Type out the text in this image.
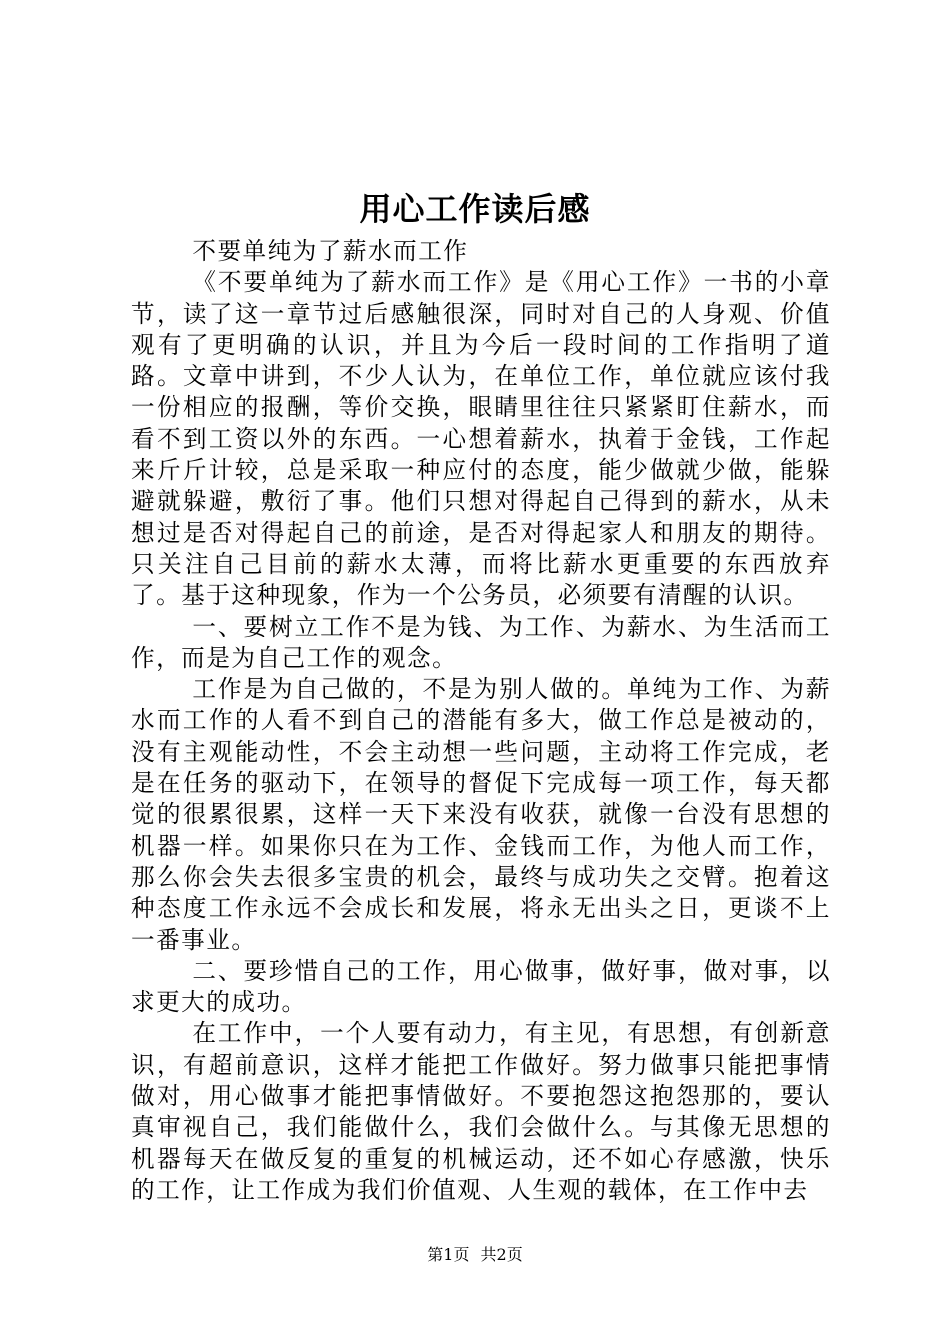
用心工作读后感

不要单纯为了薪水而工作

《不要单纯为了薪水而工作》是《用心工作》一书的小章节，读了这一章节过后感触很深，同时对自己的人身观、价值观有了更明确的认识，并且为今后一段时间的工作指明了道路。文章中讲到，不少人认为，在单位工作，单位就应该付我一份相应的报酬，等价交换，眼睛里往往只紧紧盯住薪水，而看不到工资以外的东西。一心想着薪水，执着于金钱，工作起来斤斤计较，总是采取一种应付的态度，能少做就少做，能躲避就躲避，敷衍了事。他们只想对得起自己得到的薪水，从未想过是否对得起自己的前途，是否对得起家人和朋友的期待。只关注自己目前的薪水太薄，而将比薪水更重要的东西放弃了。基于这种现象，作为一个公务员，必须要有清醒的认识。

一、要树立工作不是为钱、为工作、为薪水、为生活而工作，而是为自己工作的观念。

工作是为自己做的，不是为别人做的。单纯为工作、为薪水而工作的人看不到自己的潜能有多大，做工作总是被动的，没有主观能动性，不会主动想一些问题，主动将工作完成，老是在任务的驱动下，在领导的督促下完成每一项工作，每天都觉的很累很累，这样一天下来没有收获，就像一台没有思想的机器一样。如果你只在为工作、金钱而工作，为他人而工作，那么你会失去很多宝贵的机会，最终与成功失之交臂。抱着这种态度工作永远不会成长和发展，将永无出头之日，更谈不上一番事业。

二、要珍惜自己的工作，用心做事，做好事，做对事，以求更大的成功。

在工作中，一个人要有动力，有主见，有思想，有创新意识，有超前意识，这样才能把工作做好。努力做事只能把事情做对，用心做事才能把事情做好。不要抱怨这抱怨那的，要认真审视自己，我们能做什么，我们会做什么。与其像无思想的机器每天在做反复的重复的机械运动，还不如心存感激，快乐的工作，让工作成为我们价值观、人生观的载体，在工作中去

第1页 共2页
